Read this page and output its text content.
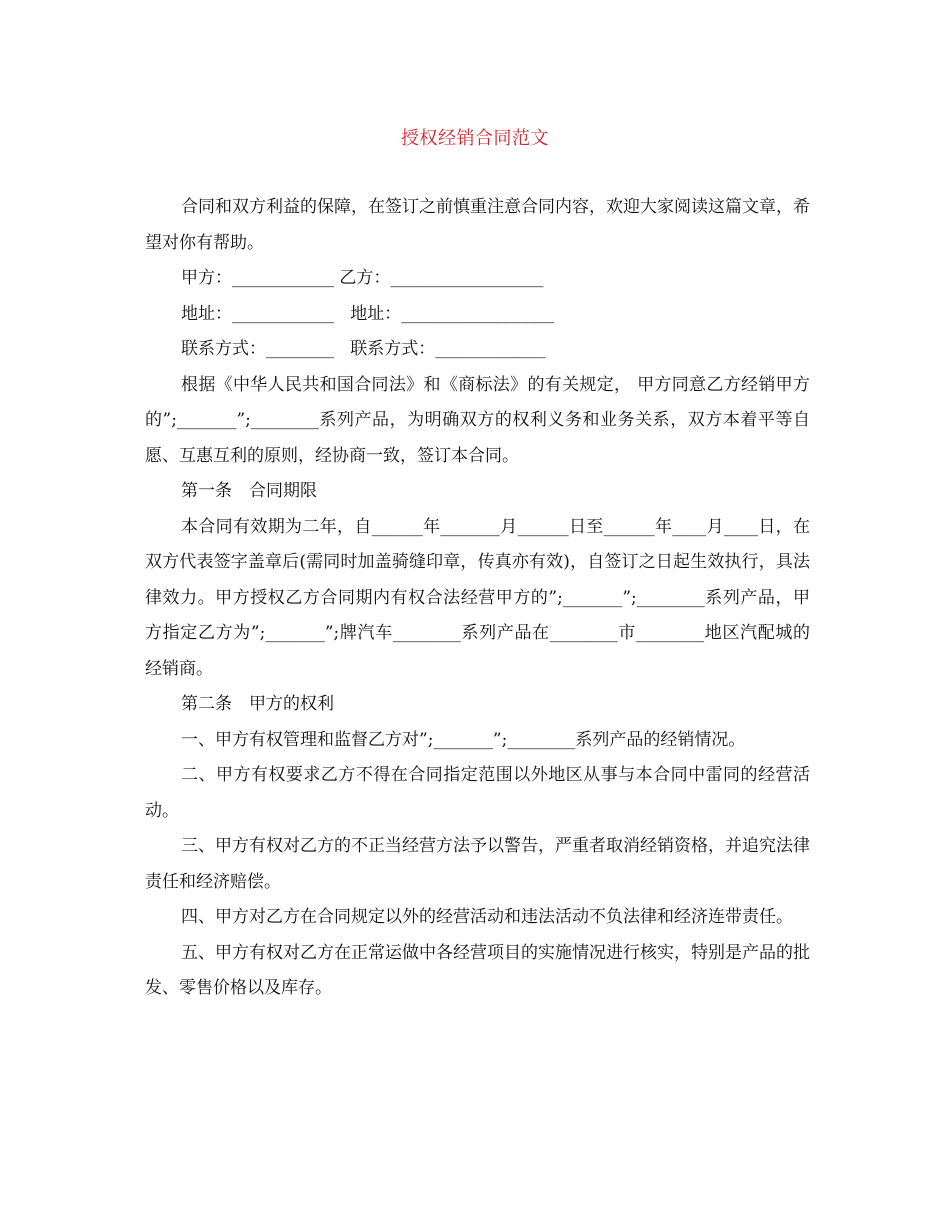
授权经销合同范文

合同和双方利益的保障，在签订之前慎重注意合同内容，欢迎大家阅读这篇文章，希望对你有帮助。

甲方：____________ 乙方：__________________

地址：____________   地址：__________________

联系方式：________   联系方式：_____________

根据《中华人民共和国合同法》和《商标法》的有关规定， 甲方同意乙方经销甲方的”;_______”;________系列产品，为明确双方的权利义务和业务关系，双方本着平等自愿、互惠互利的原则，经协商一致，签订本合同。

第一条　合同期限

本合同有效期为二年，自______年_______月______日至______年____月____日，在双方代表签字盖章后(需同时加盖骑缝印章，传真亦有效)，自签订之日起生效执行，具法律效力。甲方授权乙方合同期内有权合法经营甲方的”;_______”;________系列产品，甲方指定乙方为”;_______”;牌汽车________系列产品在________市________地区汽配城的经销商。

第二条　甲方的权利

一、甲方有权管理和监督乙方对”;_______”;________系列产品的经销情况。

二、甲方有权要求乙方不得在合同指定范围以外地区从事与本合同中雷同的经营活动。

三、甲方有权对乙方的不正当经营方法予以警告，严重者取消经销资格，并追究法律责任和经济赔偿。

四、甲方对乙方在合同规定以外的经营活动和违法活动不负法律和经济连带责任。

五、甲方有权对乙方在正常运做中各经营项目的实施情况进行核实，特别是产品的批发、零售价格以及库存。
